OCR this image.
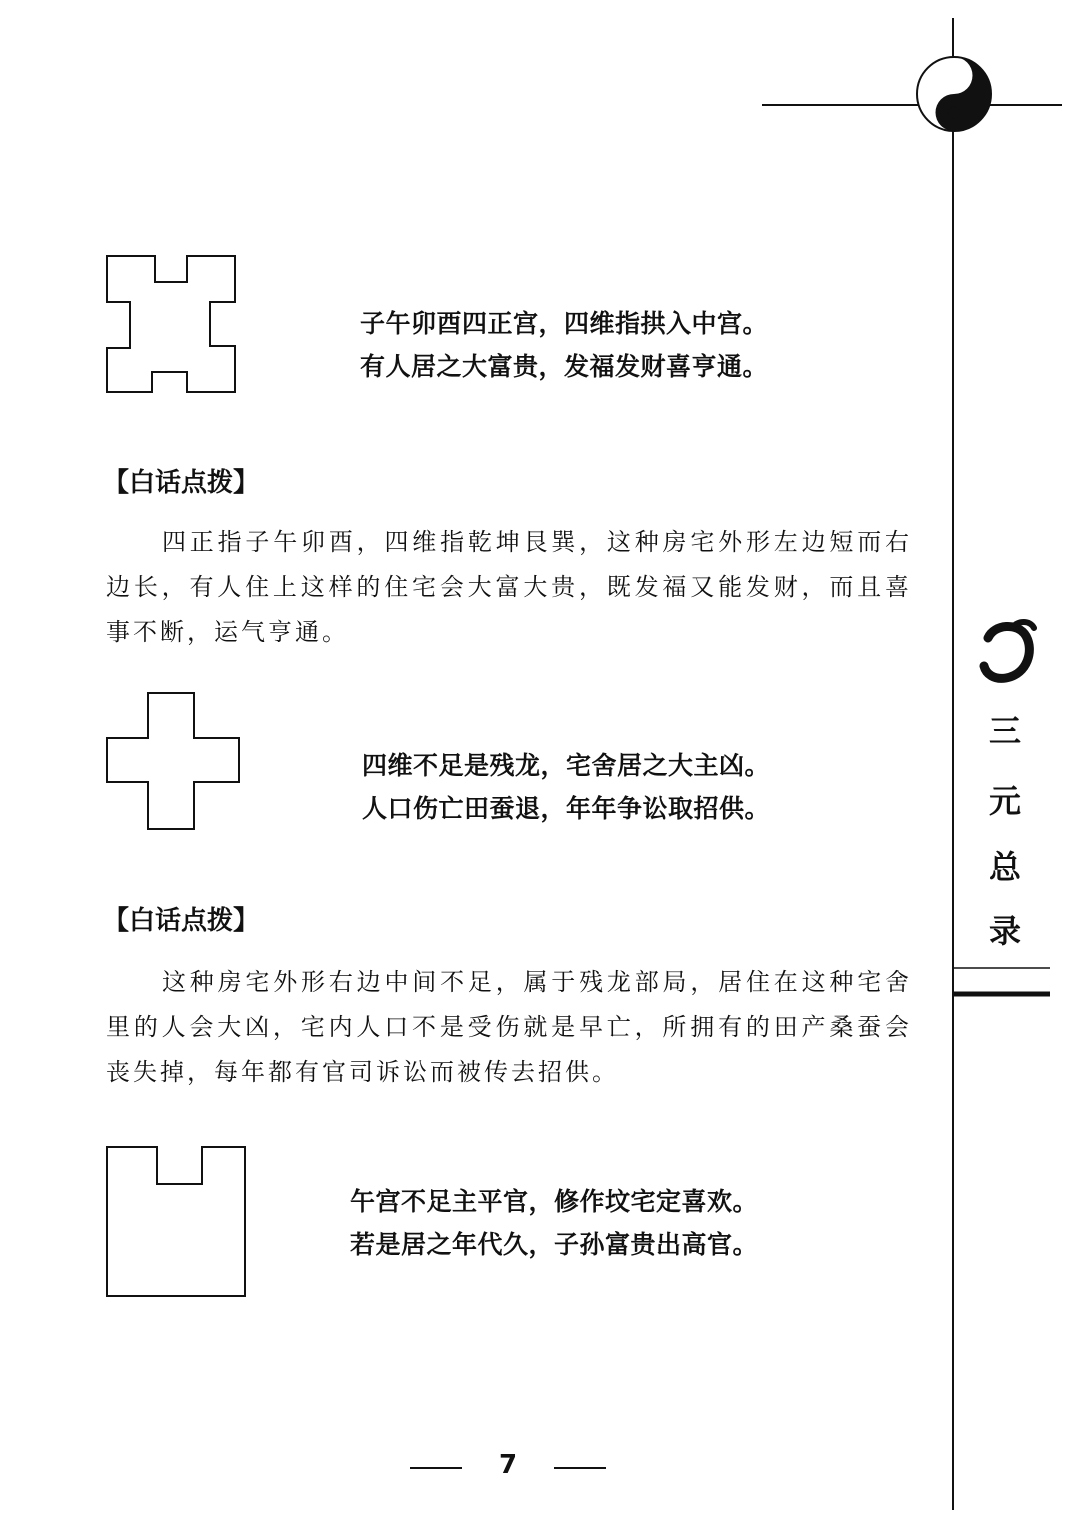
三
元
总
录
子午卯酉四正宫，四维指拱入中宫。
有人居之大富贵，发福发财喜亨通。
【白话点拨】

四正指子午卯酉，四维指乾坤艮巽，这种房宅外形左边短而右边长，有人住上这样的住宅会大富大贵，既发福又能发财，而且喜事不断，运气亨通。

四维不足是残龙，宅舍居之大主凶。
人口伤亡田蚕退，年年争讼取招供。
【白话点拨】

这种房宅外形右边中间不足，属于残龙部局，居住在这种宅舍里的人会大凶，宅内人口不是受伤就是早亡，所拥有的田产桑蚕会丧失掉，每年都有官司诉讼而被传去招供。

午宫不足主平官，修作坟宅定喜欢。
若是居之年代久，子孙富贵出高官。
7
